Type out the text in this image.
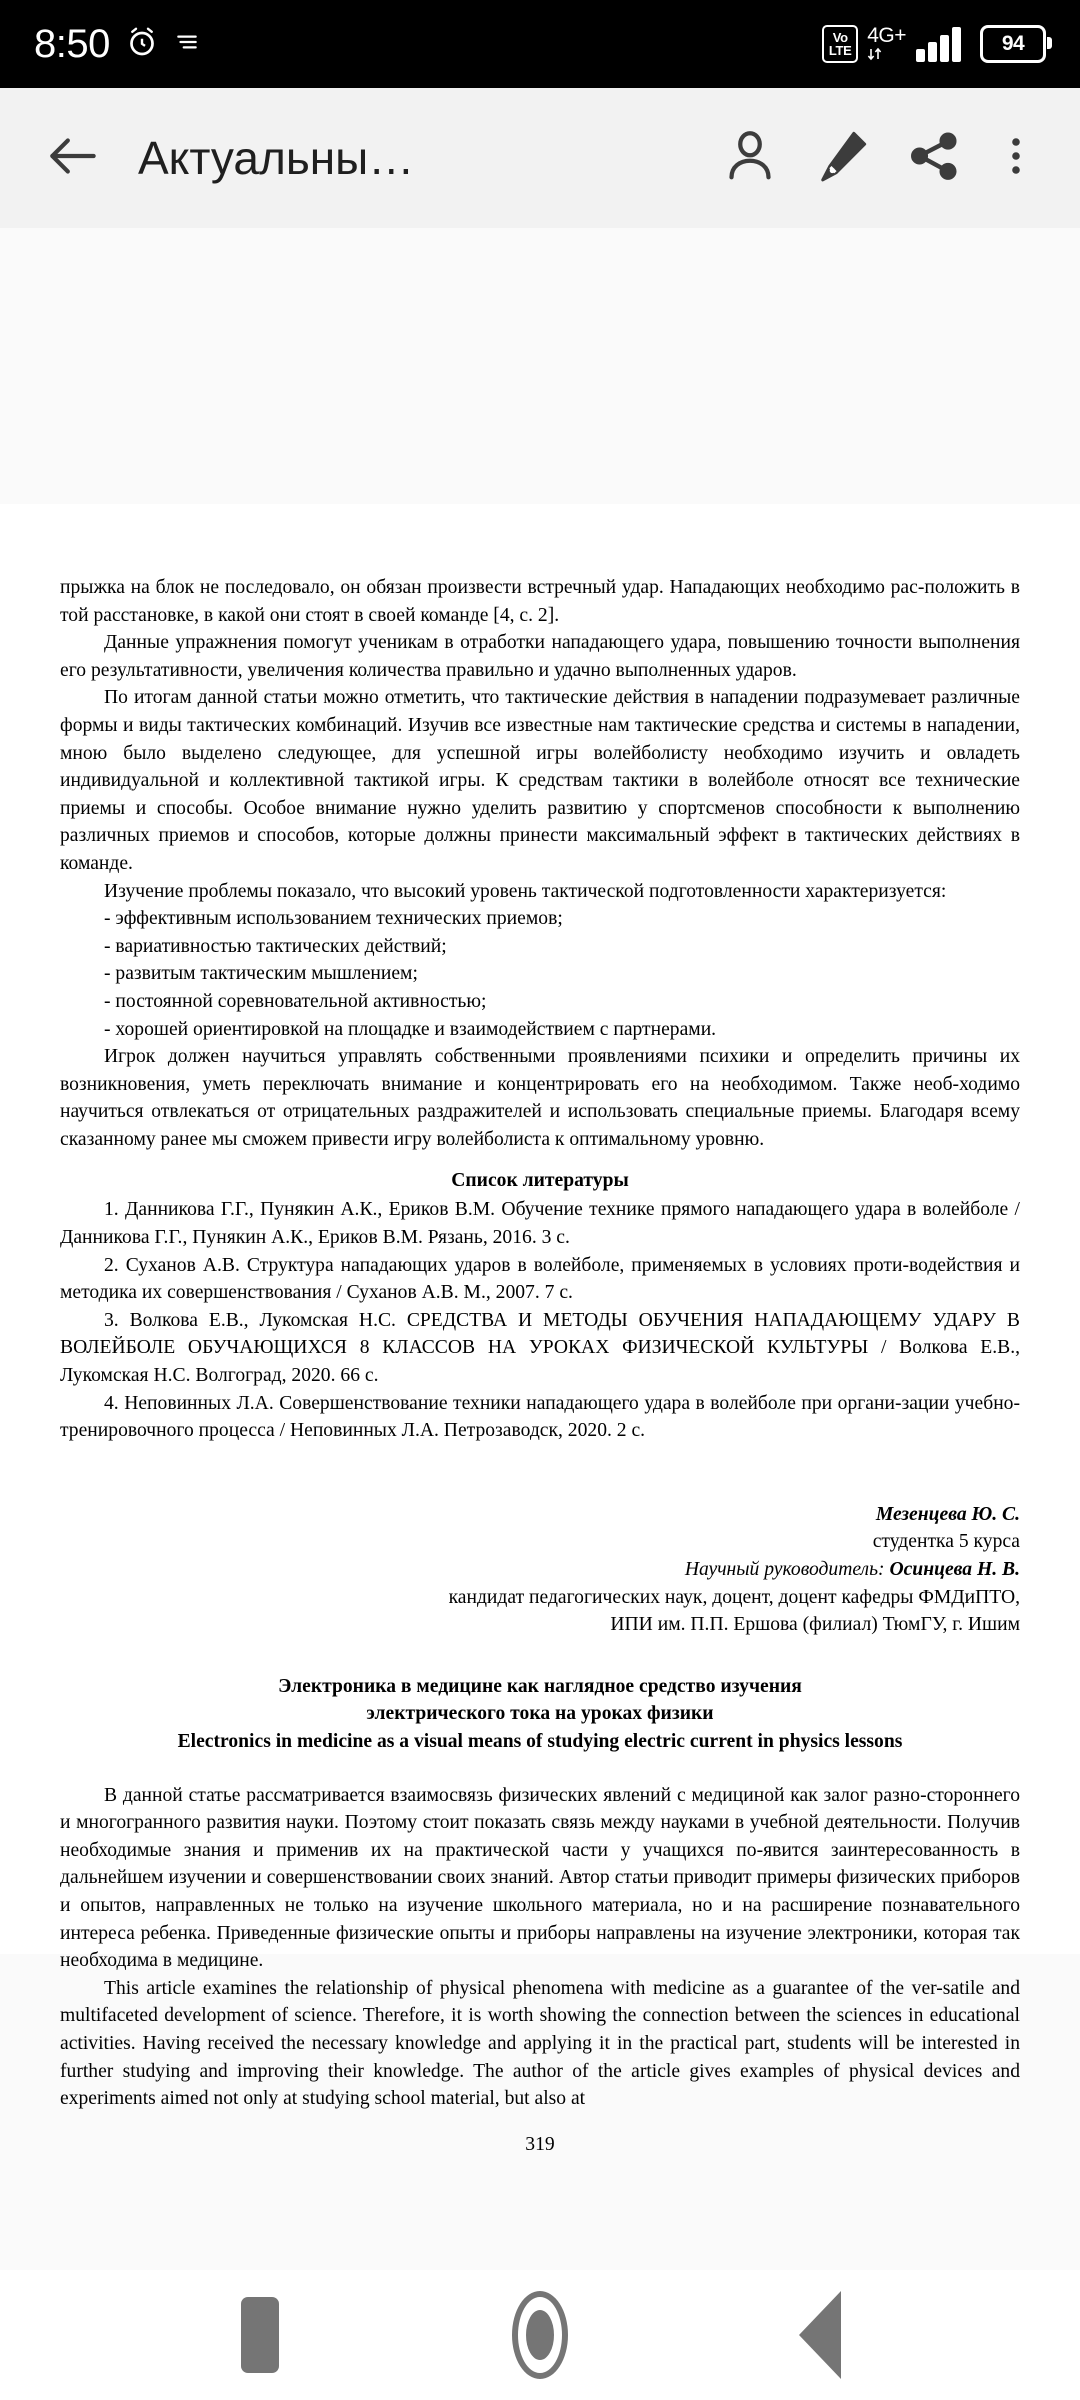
8:50	Vo
LTE
4G+	94
Актуальны…

прыжка на блок не последовало, он обязан произвести встречный удар. Нападающих необходимо рас-положить в той расстановке, в какой они стоят в своей команде [4, с. 2].

Данные упражнения помогут ученикам в отработки нападающего удара, повышению точности выполнения его результативности, увеличения количества правильно и удачно выполненных ударов.

По итогам данной статьи можно отметить, что тактические действия в нападении подразумевает различные формы и виды тактических комбинаций. Изучив все известные нам тактические средства и системы в нападении, мною было выделено следующее, для успешной игры волейболисту необходимо изучить и овладеть индивидуальной и коллективной тактикой игры. К средствам тактики в волейболе относят все технические приемы и способы. Особое внимание нужно уделить развитию у спортсменов способности к выполнению различных приемов и способов, которые должны принести максимальный эффект в тактических действиях в команде.

Изучение проблемы показало, что высокий уровень тактической подготовленности характеризуется:

- эффективным использованием технических приемов;

- вариативностью тактических действий;

- развитым тактическим мышлением;

- постоянной соревновательной активностью;

- хорошей ориентировкой на площадке и взаимодействием с партнерами.

Игрок должен научиться управлять собственными проявлениями психики и определить причины их возникновения, уметь переключать внимание и концентрировать его на необходимом. Также необ-ходимо научиться отвлекаться от отрицательных раздражителей и использовать специальные приемы. Благодаря всему сказанному ранее мы сможем привести игру волейболиста к оптимальному уровню.

Список литературы

1. Данникова Г.Г., Пунякин А.К., Ериков В.М. Обучение технике прямого нападающего удара в волейболе / Данникова Г.Г., Пунякин А.К., Ериков В.М. Рязань, 2016. 3 с.

2. Суханов А.В. Структура нападающих ударов в волейболе, применяемых в условиях проти-водействия и методика их совершенствования / Суханов А.В. М., 2007. 7 с.

3. Волкова Е.В., Лукомская Н.С. СРЕДСТВА И МЕТОДЫ ОБУЧЕНИЯ НАПАДАЮЩЕМУ УДАРУ В ВОЛЕЙБОЛЕ ОБУЧАЮЩИХСЯ 8 КЛАССОВ НА УРОКАХ ФИЗИЧЕСКОЙ КУЛЬТУРЫ / Волкова Е.В., Лукомская Н.С. Волгоград, 2020. 66 с.

4. Неповинных Л.А. Совершенствование техники нападающего удара в волейболе при органи-зации учебно-тренировочного процесса / Неповинных Л.А. Петрозаводск, 2020. 2 с.

Мезенцева Ю. С.
студентка 5 курса
Научный руководитель: Осинцева Н. В.
кандидат педагогических наук, доцент, доцент кафедры ФМДиПТО,
ИПИ им. П.П. Ершова (филиал) ТюмГУ, г. Ишим
Электроника в медицине как наглядное средство изучения
электрического тока на уроках физики
Electronics in medicine as a visual means of studying electric current in physics lessons

В данной статье рассматривается взаимосвязь физических явлений с медициной как залог разно-стороннего и многогранного развития науки. Поэтому стоит показать связь между науками в учебной деятельности. Получив необходимые знания и применив их на практической части у учащихся по-явится заинтересованность в дальнейшем изучении и совершенствовании своих знаний. Автор статьи приводит примеры физических приборов и опытов, направленных не только на изучение школьного материала, но и на расширение познавательного интереса ребенка. Приведенные физические опыты и приборы направлены на изучение электроники, которая так необходима в медицине.

This article examines the relationship of physical phenomena with medicine as a guarantee of the ver-satile and multifaceted development of science. Therefore, it is worth showing the connection between the sciences in educational activities. Having received the necessary knowledge and applying it in the practical part, students will be interested in further studying and improving their knowledge. The author of the article gives examples of physical devices and experiments aimed not only at studying school material, but also at

319
